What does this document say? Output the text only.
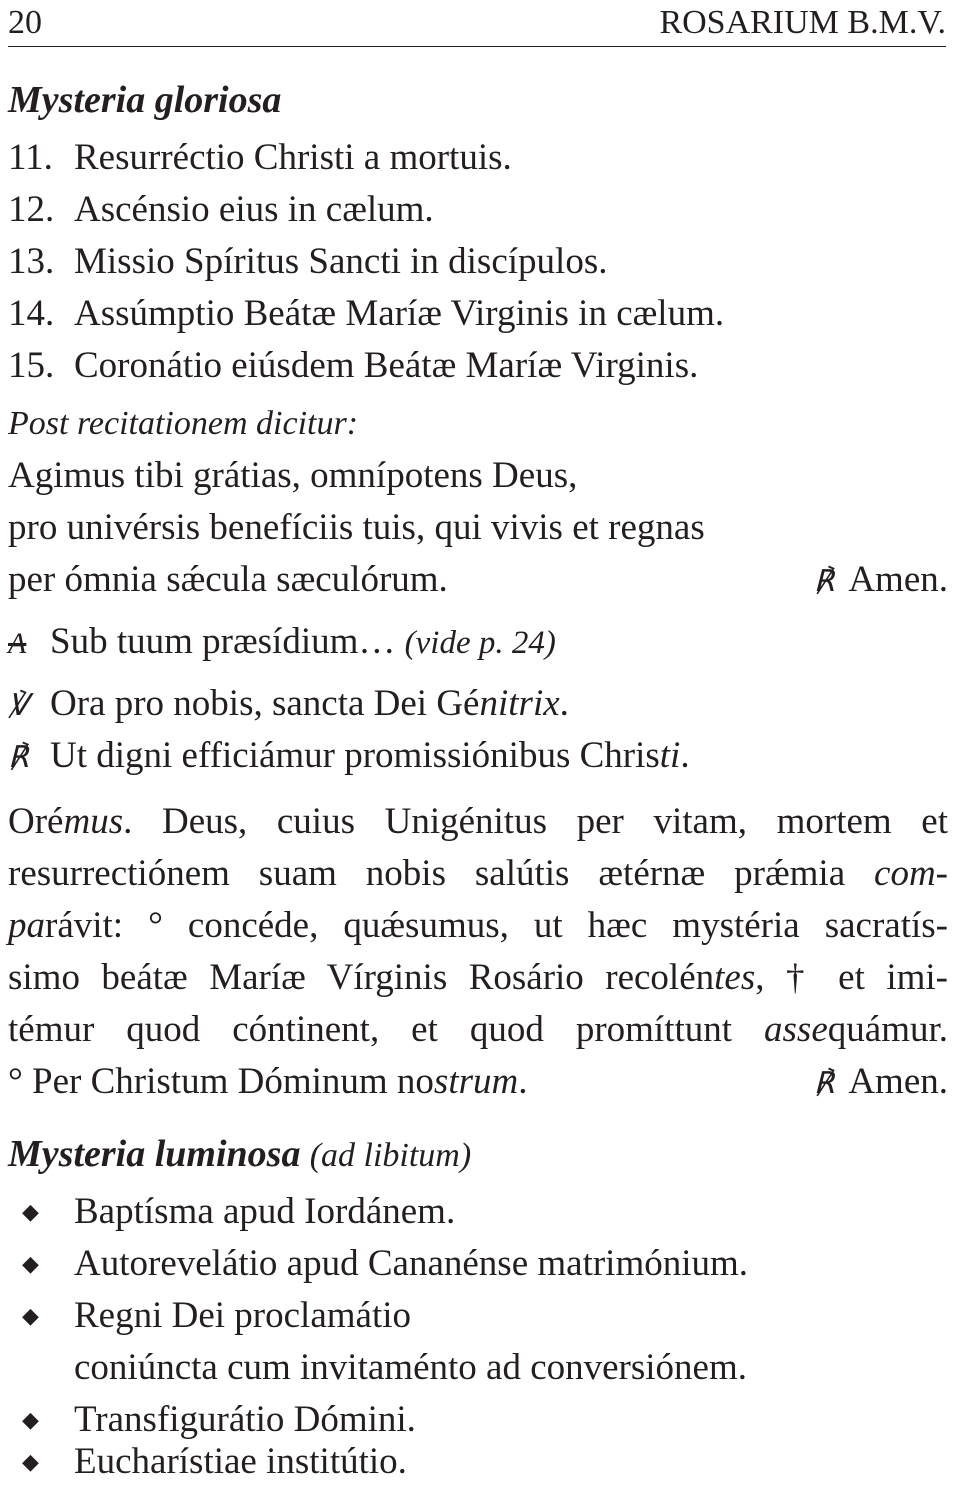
20	ROSARIUM B.M.V.
Mysteria gloriosa
11. Resurréctio Christi a mortuis.
12. Ascénsio eius in cælum.
13. Missio Spíritus Sancti in discípulos.
14. Assúmptio Beátæ Maríæ Virginis in cælum.
15. Coronátio eiúsdem Beátæ Maríæ Virginis.
Post recitationem dicitur:
Agimus tibi grátias, omnípotens Deus,
pro univérsis benefíciis tuis, qui vivis et regnas
per ómnia sǽcula sæculórum.	℟ Amen.
A Sub tuum præsídium… (vide p. 24)
℣ Ora pro nobis, sancta Dei Génitrix.
℟ Ut digni efficiámur promissiónibus Christi.
Orémus. Deus, cuius Unigénitus per vitam, mortem et
resurrectiónem suam nobis salútis ætérnæ prǽmia com-
parávit: ° concéde, quǽsumus, ut hæc mystéria sacratís-
simo beátæ Maríæ Vírginis Rosário recoléntes, † et imi-
témur quod cóntinent, et quod promíttunt assequámur.
° Per Christum Dóminum nostrum.	℟ Amen.
Mysteria luminosa (ad libitum)
◆ Baptísma apud Iordánem.
◆ Autorevelátio apud Cananénse matrimónium.
◆ Regni Dei proclamátio
coniúncta cum invitaménto ad conversiónem.
◆ Transfigurátio Dómini.
◆ Eucharístiae institútio.
